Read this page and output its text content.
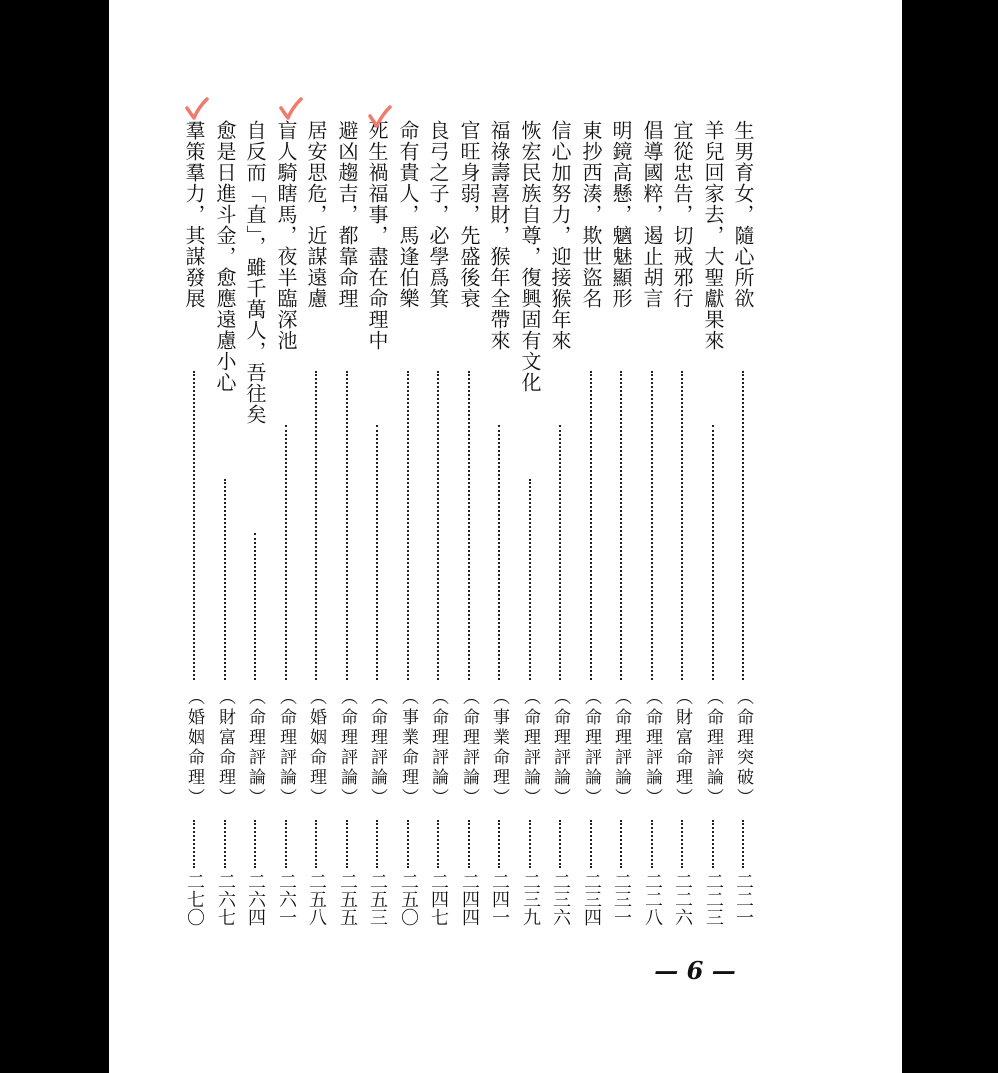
生男育女，隨心所欲
（命理突破）
二二一
羊兒回家去，大聖獻果來
（命理評論）
二二三
宜從忠告，切戒邪行
（財富命理）
二二六
倡導國粹，遏止胡言
（命理評論）
二二八
明鏡高懸，魑魅顯形
（命理評論）
二三一
東抄西湊，欺世盜名
（命理評論）
二三四
信心加努力，迎接猴年來
（命理評論）
二三六
恢宏民族自尊，復興固有文化
（命理評論）
二三九
福祿壽喜財，猴年全帶來
（事業命理）
二四一
官旺身弱，先盛後衰
（命理評論）
二四四
良弓之子，必學爲箕
（命理評論）
二四七
命有貴人，馬逢伯樂
（事業命理）
二五〇
死生禍福事，盡在命理中
（命理評論）
二五三
避凶趨吉，都靠命理
（命理評論）
二五五
居安思危，近謀遠慮
（婚姻命理）
二五八
盲人騎瞎馬，夜半臨深池
（命理評論）
二六一
自反而「直」，雖千萬人，吾往矣
（命理評論）
二六四
愈是日進斗金，愈應遠慮小心
（財富命理）
二六七
羣策羣力，其謀發展
（婚姻命理）
二七〇
— 6 —
